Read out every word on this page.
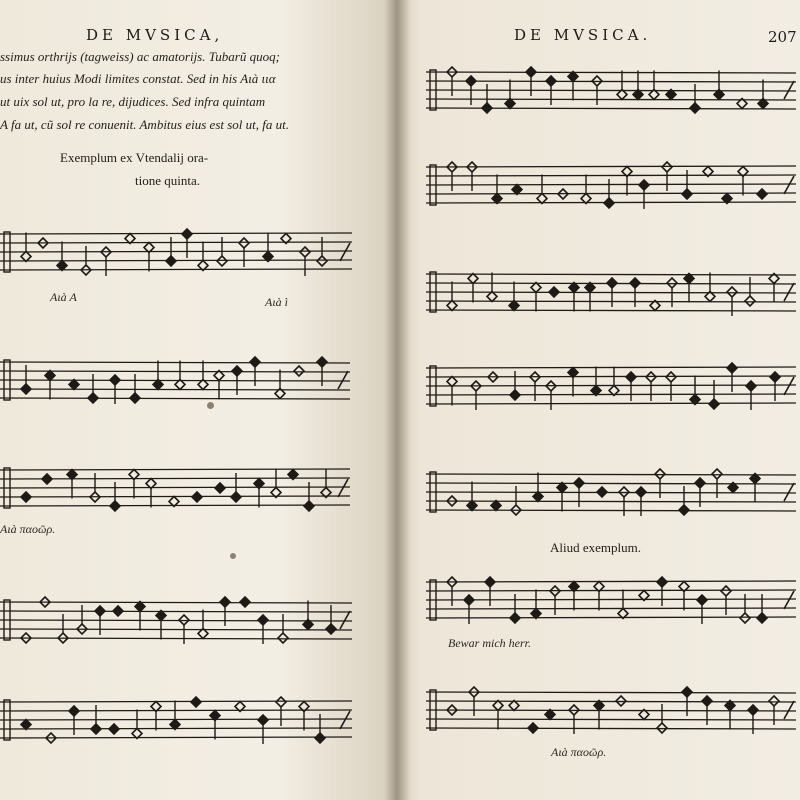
DE MVSICA,
ssimus orthrijs (tagweiss) ac amatorijs. Tubarũ quoq;
us inter huius Modi limites constat. Sed in his Aιà ιια
ut uix sol ut, pro la re, dijudices. Sed infra quintam
A fa ut, cũ sol re conuenit. Ambitus eius est sol ut, fa ut.
Exemplum ex Vtendalij ora-
tione quinta.
Aιà A	Aιà ì
Aιà παοῶρ.
DE MVSICA.	207
Aliud exemplum.
Bewar mich herr.
Aιà παοῶρ.
